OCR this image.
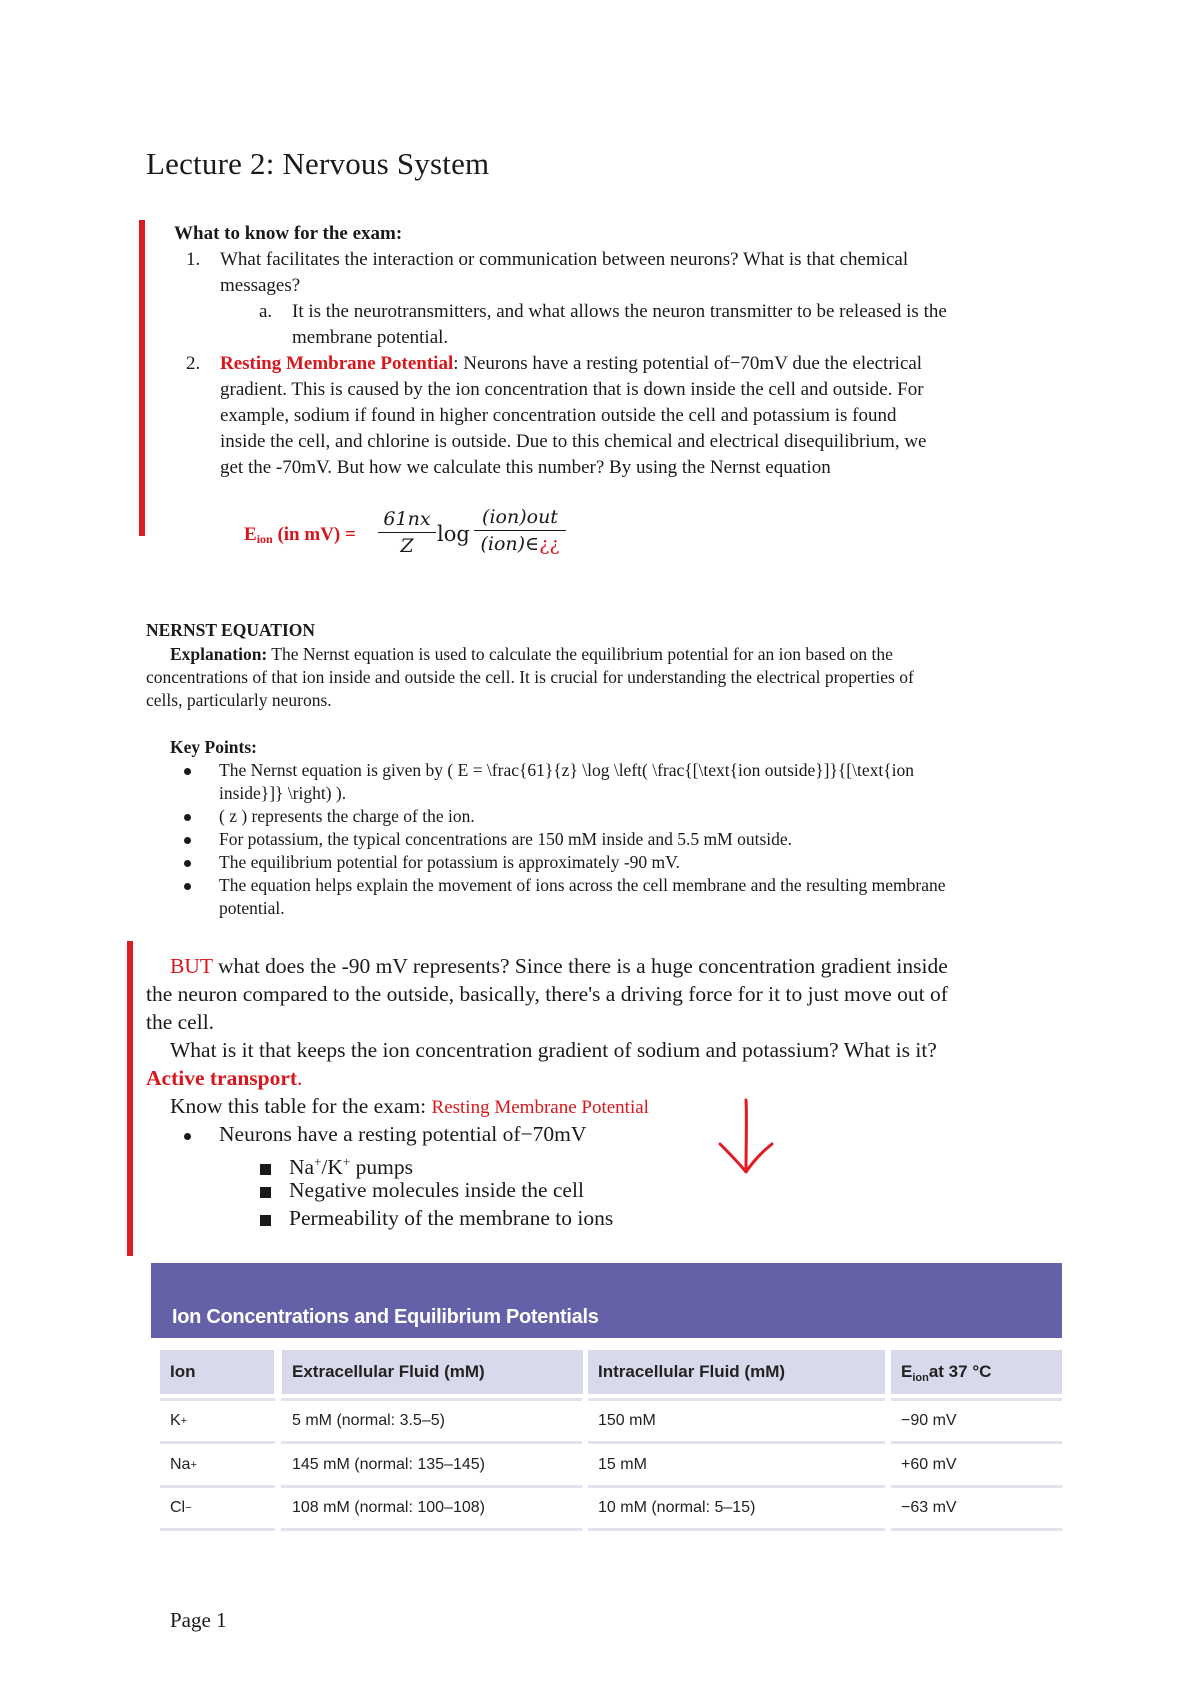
Lecture 2: Nervous System
What to know for the exam:
1. What facilitates the interaction or communication between neurons? What is that chemical
messages?
a. It is the neurotransmitters, and what allows the neuron transmitter to be released is the
membrane potential.
2. Resting Membrane Potential: Neurons have a resting potential of−70mV due the electrical
gradient. This is caused by the ion concentration that is down inside the cell and outside. For
example, sodium if found in higher concentration outside the cell and potassium is found
inside the cell, and chlorine is outside. Due to this chemical and electrical disequilibrium, we
get the -70mV. But how we calculate this number? By using the Nernst equation
Eion (in mV) =
61nx
Z	log
(ion)out
(ion)∈¿¿
NERNST EQUATION
Explanation: The Nernst equation is used to calculate the equilibrium potential for an ion based on the
concentrations of that ion inside and outside the cell. It is crucial for understanding the electrical properties of
cells, particularly neurons.
Key Points:
The Nernst equation is given by ( E = \frac{61}{z} \log \left( \frac{[\text{ion outside}]}{[\text{ion
inside}]} \right) ).
( z ) represents the charge of the ion.
For potassium, the typical concentrations are 150 mM inside and 5.5 mM outside.
The equilibrium potential for potassium is approximately -90 mV.
The equation helps explain the movement of ions across the cell membrane and the resulting membrane
potential.
BUT what does the -90 mV represents? Since there is a huge concentration gradient inside
the neuron compared to the outside, basically, there's a driving force for it to just move out of
the cell.
What is it that keeps the ion concentration gradient of sodium and potassium? What is it?
Active transport.
Know this table for the exam: Resting Membrane Potential
Neurons have a resting potential of−70mV
Na+/K+ pumps
Negative molecules inside the cell
Permeability of the membrane to ions
Ion Concentrations and Equilibrium Potentials
Ion	Extracellular Fluid (mM)	Intracellular Fluid (mM)	E ion at 37 °C
K +	5 mM (normal: 3.5–5)	150 mM	−90 mV
Na +	145 mM (normal: 135–145)	15 mM	+60 mV
Cl −	108 mM (normal: 100–108)	10 mM (normal: 5–15)	−63 mV
Page 1
